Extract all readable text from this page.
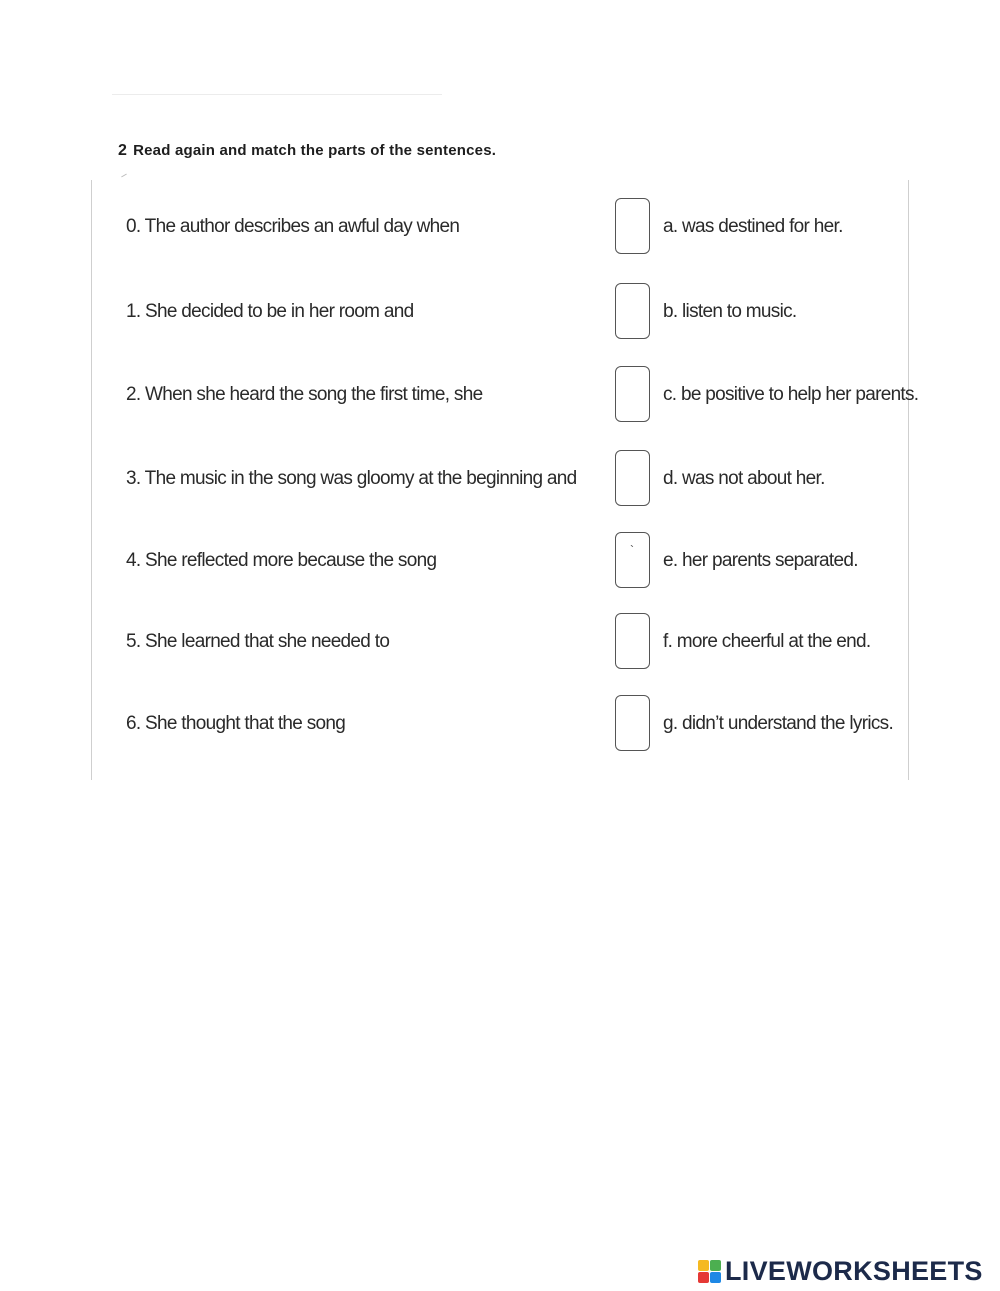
2 Read again and match the parts of the sentences.
0. The author describes an awful day when	a. was destined for her.
1. She decided to be in her room and	b. listen to music.
2. When she heard the song the first time, she	c. be positive to help her parents.
3. The music in the song was gloomy at the beginning and	d. was not about her.
4. She reflected more because the song	` e. her parents separated.
5. She learned that she needed to	f. more cheerful at the end.
6. She thought that the song	g. didn’t understand the lyrics.
LIVEWORKSHEETS
